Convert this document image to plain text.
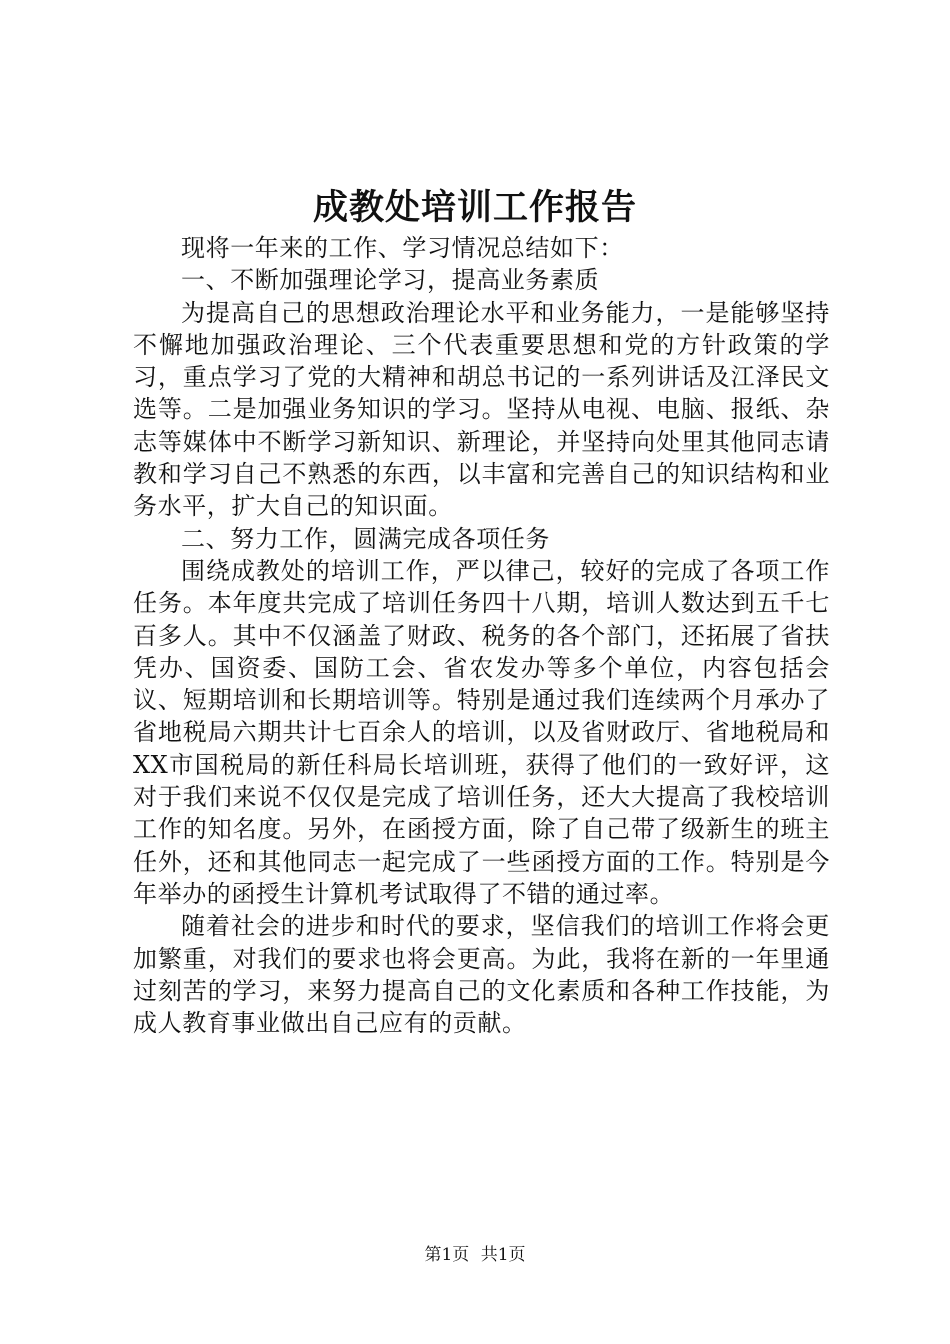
成教处培训工作报告

现将一年来的工作、学习情况总结如下：

一、不断加强理论学习，提高业务素质

为提高自己的思想政治理论水平和业务能力，一是能够坚持不懈地加强政治理论、三个代表重要思想和党的方针政策的学习，重点学习了党的大精神和胡总书记的一系列讲话及江泽民文选等。二是加强业务知识的学习。坚持从电视、电脑、报纸、杂志等媒体中不断学习新知识、新理论，并坚持向处里其他同志请教和学习自己不熟悉的东西，以丰富和完善自己的知识结构和业务水平，扩大自己的知识面。

二、努力工作，圆满完成各项任务

围绕成教处的培训工作，严以律己，较好的完成了各项工作任务。本年度共完成了培训任务四十八期，培训人数达到五千七百多人。其中不仅涵盖了财政、税务的各个部门，还拓展了省扶凭办、国资委、国防工会、省农发办等多个单位，内容包括会议、短期培训和长期培训等。特别是通过我们连续两个月承办了省地税局六期共计七百余人的培训，以及省财政厅、省地税局和XX市国税局的新任科局长培训班，获得了他们的一致好评，这对于我们来说不仅仅是完成了培训任务，还大大提高了我校培训工作的知名度。另外，在函授方面，除了自己带了级新生的班主任外，还和其他同志一起完成了一些函授方面的工作。特别是今年举办的函授生计算机考试取得了不错的通过率。

随着社会的进步和时代的要求，坚信我们的培训工作将会更加繁重，对我们的要求也将会更高。为此，我将在新的一年里通过刻苦的学习，来努力提高自己的文化素质和各种工作技能，为成人教育事业做出自己应有的贡献。

第1页 共1页
